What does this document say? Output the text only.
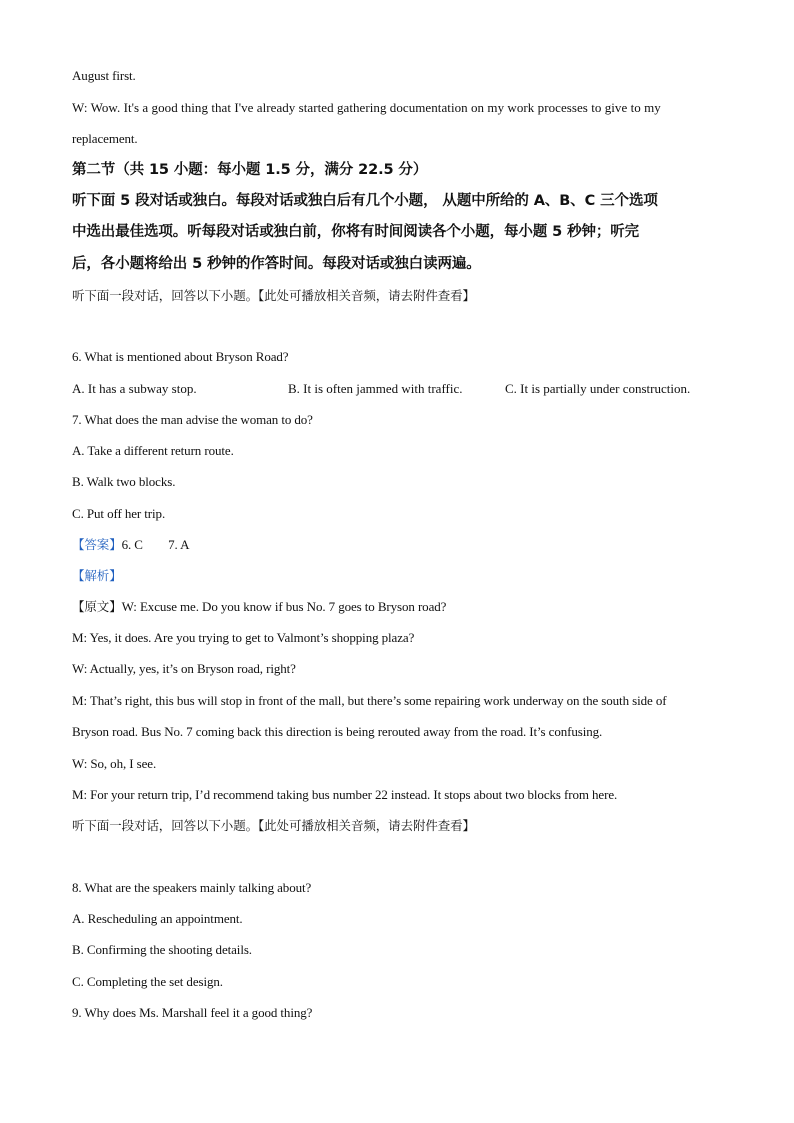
August first.
W: Wow. It's a good thing that I've already started gathering documentation on my work processes to give to my
replacement.
第二节（共 15 小题：每小题 1.5 分，满分 22.5 分）
听下面 5 段对话或独白。每段对话或独白后有几个小题， 从题中所给的 A、B、C 三个选项
中选出最佳选项。听每段对话或独白前，你将有时间阅读各个小题，每小题 5 秒钟；听完
后，各小题将给出 5 秒钟的作答时间。每段对话或独白读两遍。
听下面一段对话，回答以下小题。【此处可播放相关音频，请去附件查看】
6. What is mentioned about Bryson Road?
A. It has a subway stop.	B. It is often jammed with traffic.	C. It is partially under construction.
7. What does the man advise the woman to do?
A. Take a different return route.
B. Walk two blocks.
C. Put off her trip.
【答案】6. C        7. A
【解析】
【原文】W: Excuse me. Do you know if bus No. 7 goes to Bryson road?
M: Yes, it does. Are you trying to get to Valmont’s shopping plaza?
W: Actually, yes, it’s on Bryson road, right?
M: That’s right, this bus will stop in front of the mall, but there’s some repairing work underway on the south side of
Bryson road. Bus No. 7 coming back this direction is being rerouted away from the road. It’s confusing.
W: So, oh, I see.
M: For your return trip, I’d recommend taking bus number 22 instead. It stops about two blocks from here.
听下面一段对话，回答以下小题。【此处可播放相关音频，请去附件查看】
8. What are the speakers mainly talking about?
A. Rescheduling an appointment.
B. Confirming the shooting details.
C. Completing the set design.
9. Why does Ms. Marshall feel it a good thing?
